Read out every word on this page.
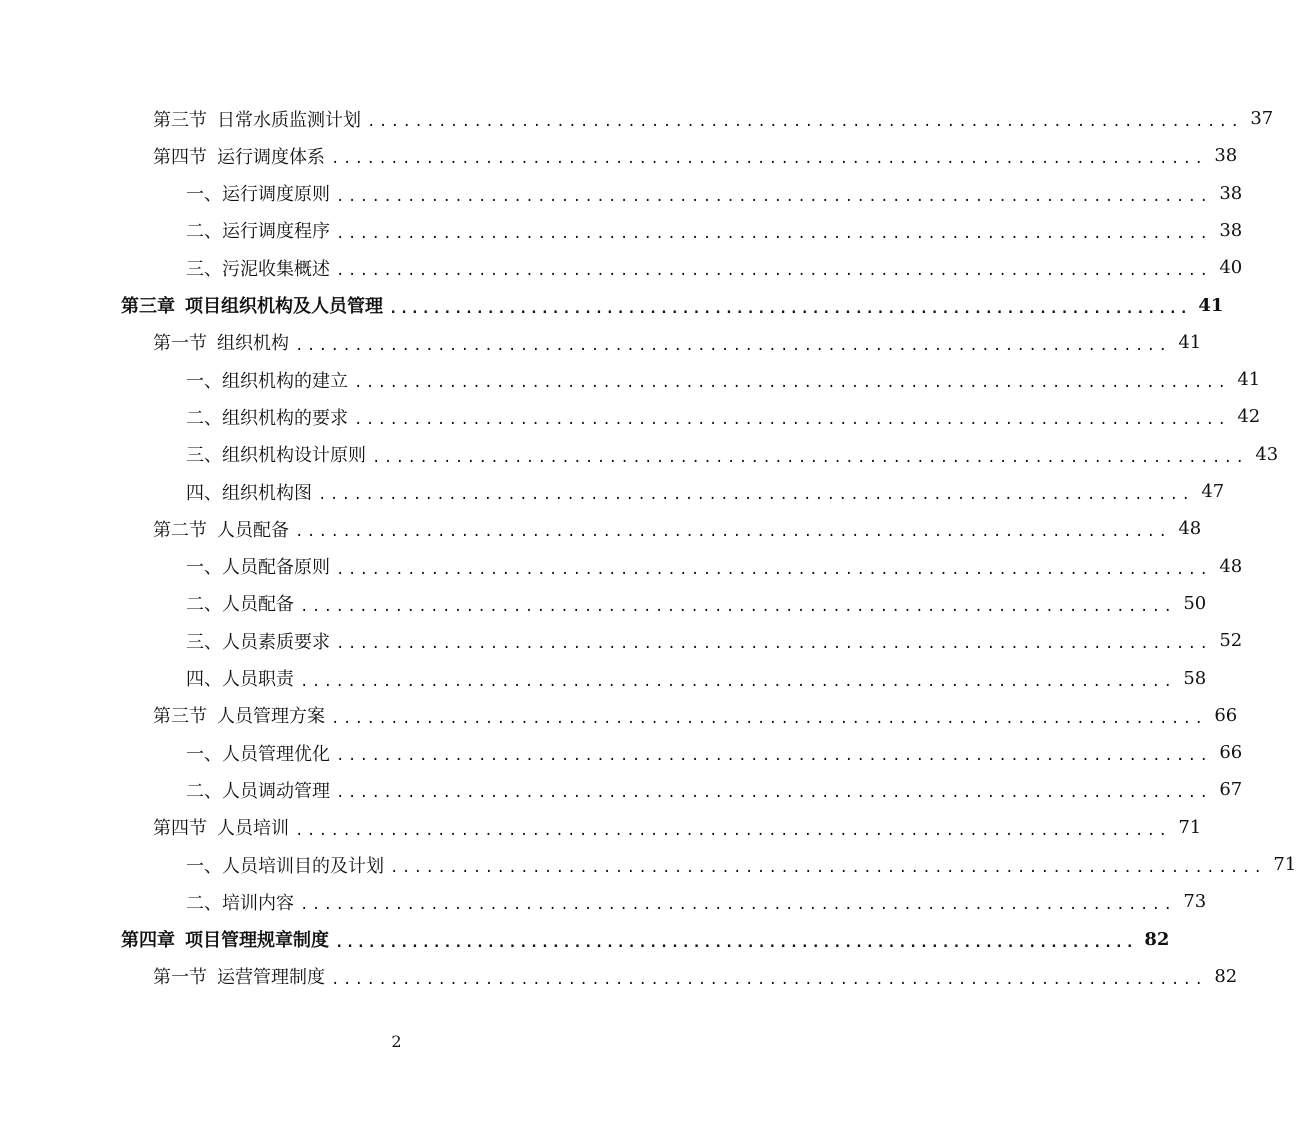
第三节 日常水质监测计划 .......................................................................... 37
第四节 运行调度体系 .......................................................................... 38
一、运行调度原则 .......................................................................... 38
二、运行调度程序 .......................................................................... 38
三、污泥收集概述 .......................................................................... 40
第三章 项目组织机构及人员管理 .......................................................................... 41
第一节 组织机构 .......................................................................... 41
一、组织机构的建立 .......................................................................... 41
二、组织机构的要求 .......................................................................... 42
三、组织机构设计原则 .......................................................................... 43
四、组织机构图 .......................................................................... 47
第二节 人员配备 .......................................................................... 48
一、人员配备原则 .......................................................................... 48
二、人员配备 .......................................................................... 50
三、人员素质要求 .......................................................................... 52
四、人员职责 .......................................................................... 58
第三节 人员管理方案 .......................................................................... 66
一、人员管理优化 .......................................................................... 66
二、人员调动管理 .......................................................................... 67
第四节 人员培训 .......................................................................... 71
一、人员培训目的及计划 .......................................................................... 71
二、培训内容 .......................................................................... 73
第四章 项目管理规章制度 .......................................................................... 82
第一节 运营管理制度 .......................................................................... 82
2
